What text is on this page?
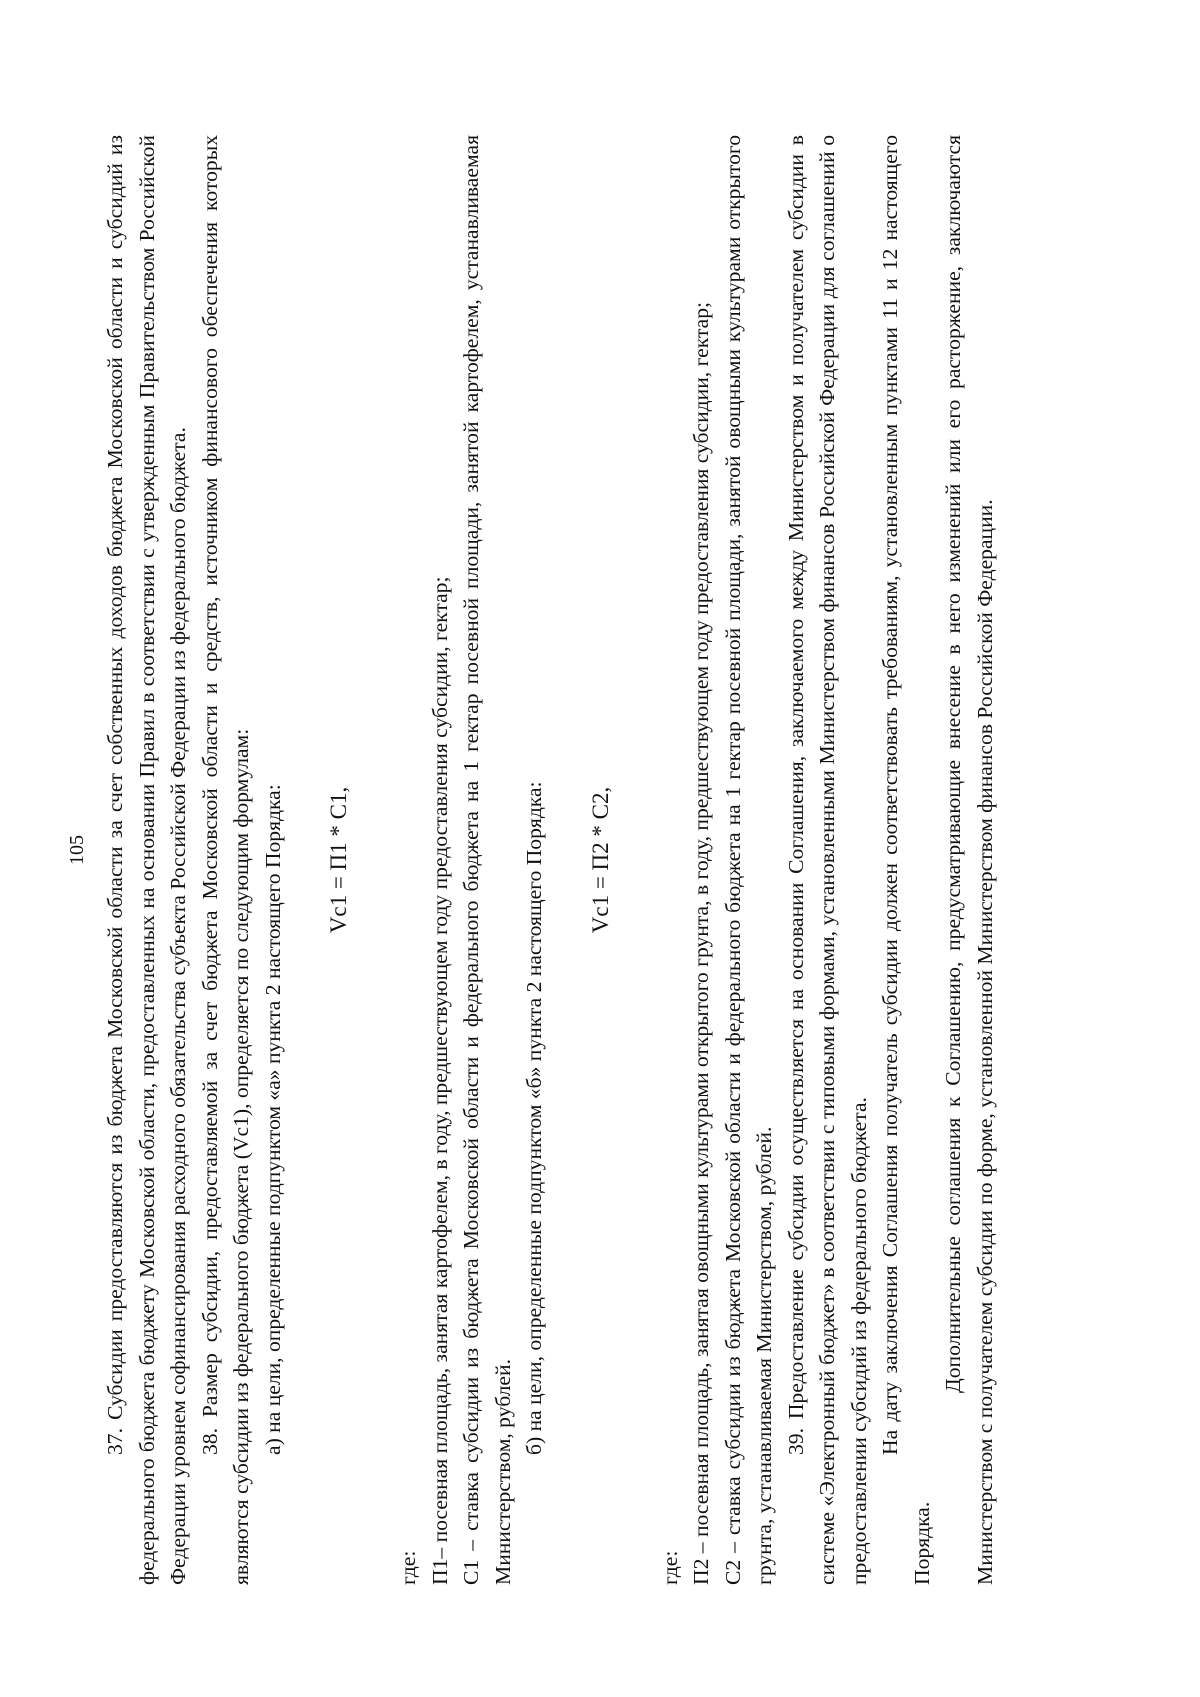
105 37. Субсидии предоставляются из бюджета Московской области за счет собственных доходов бюджета Московской области и субсидий из федерального бюджета бюджету Московской области, предоставленных на основании Правил в соответствии с утвержденным Правительством Российской Федерации уровнем софинансирования расходного обязательства субъекта Российской Федерации из федерального бюджета. 38. Размер субсидии, предоставляемой за счет бюджета Московской области и средств, источником финансового обеспечения которых являются субсидии из федерального бюджета (Vc1), определяется по следующим формулам: а) на цели, определенные подпунктом «а» пункта 2 настоящего Порядка: Vc1 = П1 * С1,

где: П1– посевная площадь, занятая картофелем, в году, предшествующем году предоставления субсидии, гектар; С1 – ставка субсидии из бюджета Московской области и федерального бюджета на 1 гектар посевной площади, занятой картофелем, устанавливаемая Министерством, рублей.

б) на цели, определенные подпунктом «б» пункта 2 настоящего Порядка: Vc1 = П2 * С2,

где: П2 – посевная площадь, занятая овощными культурами открытого грунта, в году, предшествующем году предоставления субсидии, гектар;

С2 – ставка субсидии из бюджета Московской области и федерального бюджета на 1 гектар посевной площади, занятой овощными культурами открытого грунта, устанавливаемая Министерством, рублей. 39. Предоставление субсидии осуществляется на основании Соглашения, заключаемого между Министерством и получателем субсидии в системе «Электронный бюджет» в соответствии с типовыми формами, установленными Министерством финансов Российской Федерации для соглашений о предоставлении субсидий из федерального бюджета. На дату заключения Соглашения получатель субсидии должен соответствовать требованиям, установленным пунктами 11 и 12 настоящего Порядка.

Дополнительные соглашения к Соглашению, предусматривающие внесение в него изменений или его расторжение, заключаются Министерством с получателем субсидии по форме, установленной Министерством финансов Российской Федерации.
